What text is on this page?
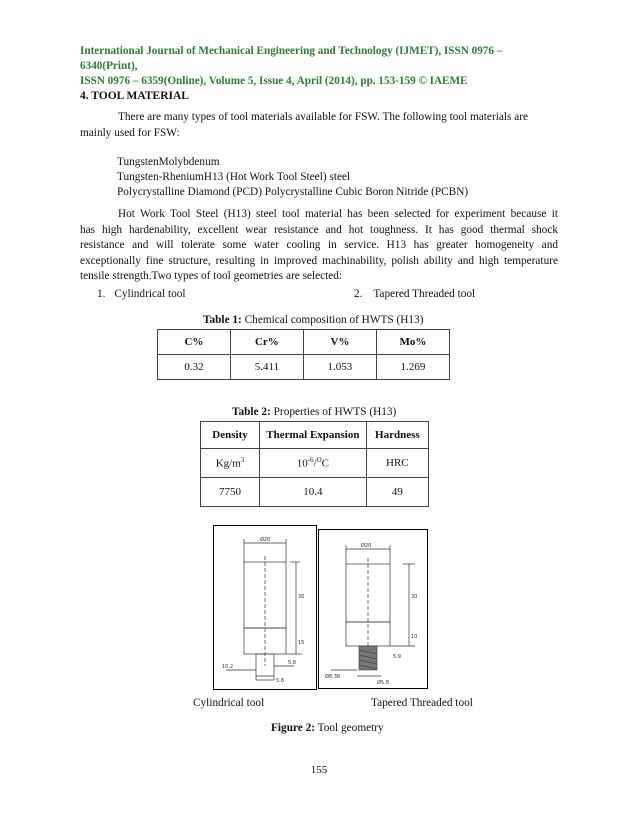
International Journal of Mechanical Engineering and Technology (IJMET), ISSN 0976 – 6340(Print),
ISSN 0976 – 6359(Online), Volume 5, Issue 4, April (2014), pp. 153-159 © IAEME
4. TOOL MATERIAL
There are many types of tool materials available for FSW. The following tool materials are
mainly used for FSW:
TungstenMolybdenum
Tungsten-RheniumH13 (Hot Work Tool Steel) steel
Polycrystalline Diamond (PCD) Polycrystalline Cubic Boron Nitride (PCBN)
Hot Work Tool Steel (H13) steel tool material has been selected for experiment because it
has high hardenability, excellent wear resistance and hot toughness. It has good thermal shock
resistance and will tolerate some water cooling in service. H13 has greater homogeneity and
exceptionally fine structure, resulting in improved machinability, polish ability and high temperature
tensile strength.Two types of tool geometries are selected:
1. Cylindrical tool	2. Tapered Threaded tool
Table 1: Chemical composition of HWTS (H13)
C%	Cr%	V%	Mo%
0.32	5.411	1.053	1.269
Table 2: Properties of HWTS (H13)
Density	Thermal Expansion	Hardness
$Kg/m^3$	$10^{-6}/^OC$	HRC
7750	10.4	49
Ø20
30
15
5.8
10.2
5.8
Ø20
30
10
5.9
Ø8.38
Ø5.8
Cylindrical tool	Tapered Threaded tool
Figure 2: Tool geometry
155
